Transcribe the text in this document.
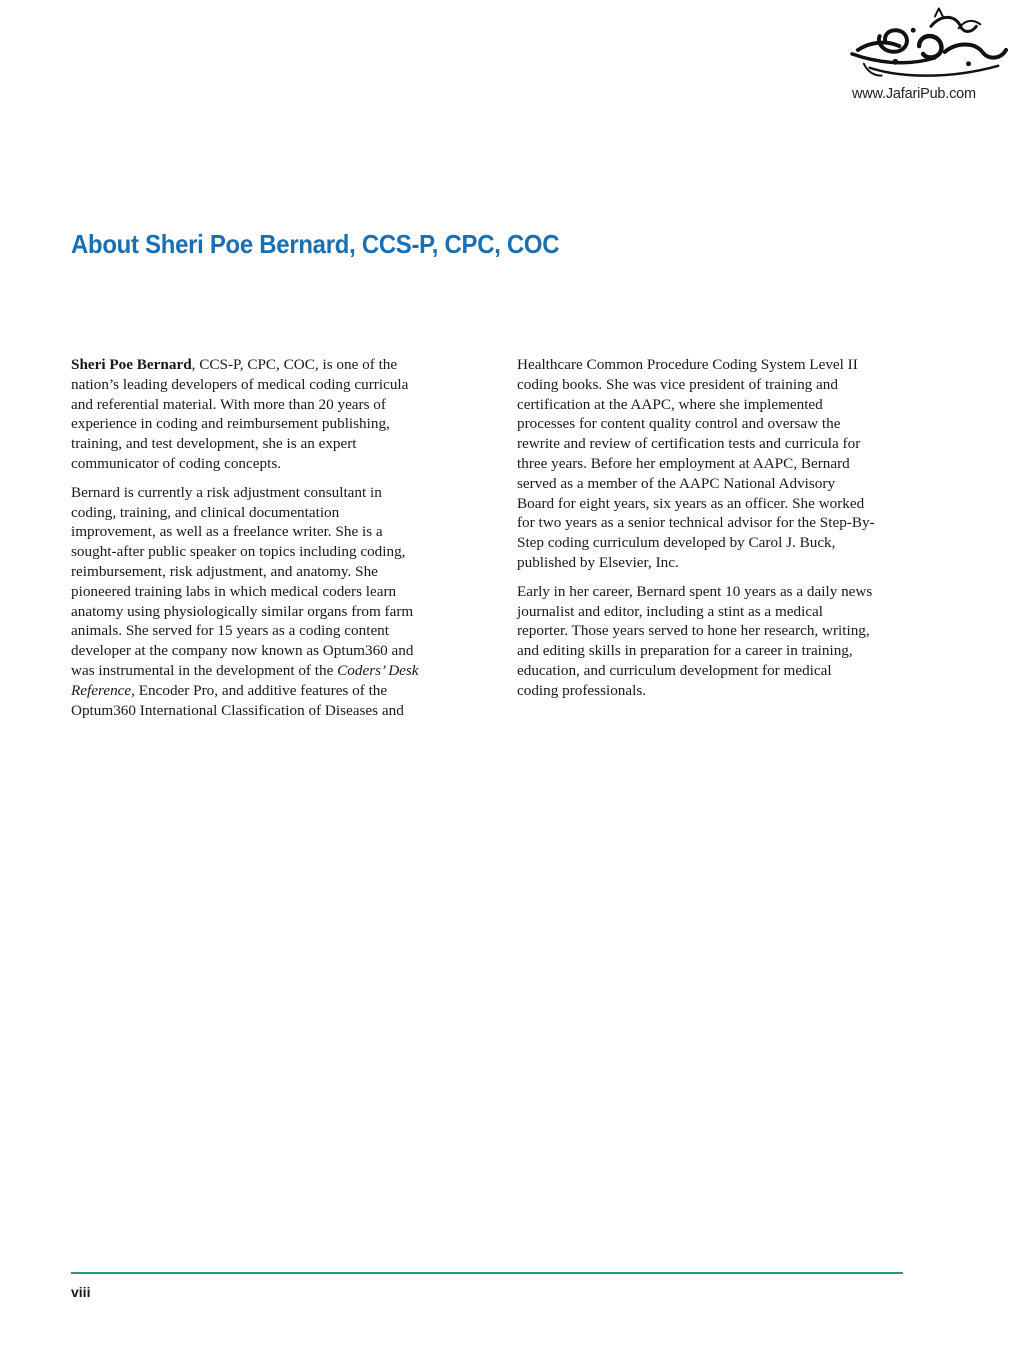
www.JafariPub.com
About Sheri Poe Bernard, CCS-P, CPC, COC

Sheri Poe Bernard, CCS-P, CPC, COC, is one of the
nation’s leading developers of medical coding curricula
and referential material. With more than 20 years of
experience in coding and reimbursement publishing,
training, and test development, she is an expert
communicator of coding concepts.

Bernard is currently a risk adjustment consultant in
coding, training, and clinical documentation
improvement, as well as a freelance writer. She is a
sought-after public speaker on topics including coding,
reimbursement, risk adjustment, and anatomy. She
pioneered training labs in which medical coders learn
anatomy using physiologically similar organs from farm
animals. She served for 15 years as a coding content
developer at the company now known as Optum360 and
was instrumental in the development of the Coders’ Desk
Reference, Encoder Pro, and additive features of the
Optum360 International Classification of Diseases and

Healthcare Common Procedure Coding System Level II
coding books. She was vice president of training and
certification at the AAPC, where she implemented
processes for content quality control and oversaw the
rewrite and review of certification tests and curricula for
three years. Before her employment at AAPC, Bernard
served as a member of the AAPC National Advisory
Board for eight years, six years as an officer. She worked
for two years as a senior technical advisor for the Step-By-
Step coding curriculum developed by Carol J. Buck,
published by Elsevier, Inc.

Early in her career, Bernard spent 10 years as a daily news
journalist and editor, including a stint as a medical
reporter. Those years served to hone her research, writing,
and editing skills in preparation for a career in training,
education, and curriculum development for medical
coding professionals.

viii
